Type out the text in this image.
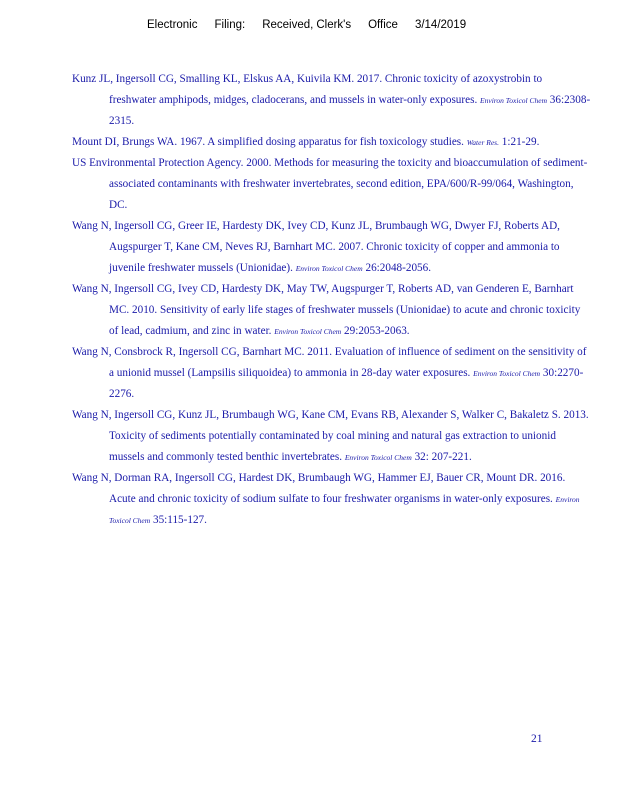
Electronic Filing: Received, Clerk's Office 3/14/2019

Kunz JL, Ingersoll CG, Smalling KL, Elskus AA, Kuivila KM. 2017. Chronic toxicity of azoxystrobin to freshwater amphipods, midges, cladocerans, and mussels in water-only exposures. Environ Toxicol Chem 36:2308-2315.

Mount DI, Brungs WA. 1967. A simplified dosing apparatus for fish toxicology studies. Water Res. 1:21-29.

US Environmental Protection Agency. 2000. Methods for measuring the toxicity and bioaccumulation of sediment-associated contaminants with freshwater invertebrates, second edition, EPA/600/R-99/064, Washington, DC.

Wang N, Ingersoll CG, Greer IE, Hardesty DK, Ivey CD, Kunz JL, Brumbaugh WG, Dwyer FJ, Roberts AD, Augspurger T, Kane CM, Neves RJ, Barnhart MC. 2007. Chronic toxicity of copper and ammonia to juvenile freshwater mussels (Unionidae). Environ Toxicol Chem 26:2048-2056.

Wang N, Ingersoll CG, Ivey CD, Hardesty DK, May TW, Augspurger T, Roberts AD, van Genderen E, Barnhart MC. 2010. Sensitivity of early life stages of freshwater mussels (Unionidae) to acute and chronic toxicity of lead, cadmium, and zinc in water. Environ Toxicol Chem 29:2053-2063.

Wang N, Consbrock R, Ingersoll CG, Barnhart MC. 2011. Evaluation of influence of sediment on the sensitivity of a unionid mussel (Lampsilis siliquoidea) to ammonia in 28-day water exposures. Environ Toxicol Chem 30:2270-2276.

Wang N, Ingersoll CG, Kunz JL, Brumbaugh WG, Kane CM, Evans RB, Alexander S, Walker C, Bakaletz S. 2013. Toxicity of sediments potentially contaminated by coal mining and natural gas extraction to unionid mussels and commonly tested benthic invertebrates. Environ Toxicol Chem 32: 207-221.

Wang N, Dorman RA, Ingersoll CG, Hardest DK, Brumbaugh WG, Hammer EJ, Bauer CR, Mount DR. 2016. Acute and chronic toxicity of sodium sulfate to four freshwater organisms in water-only exposures. Environ Toxicol Chem 35:115-127.

21
